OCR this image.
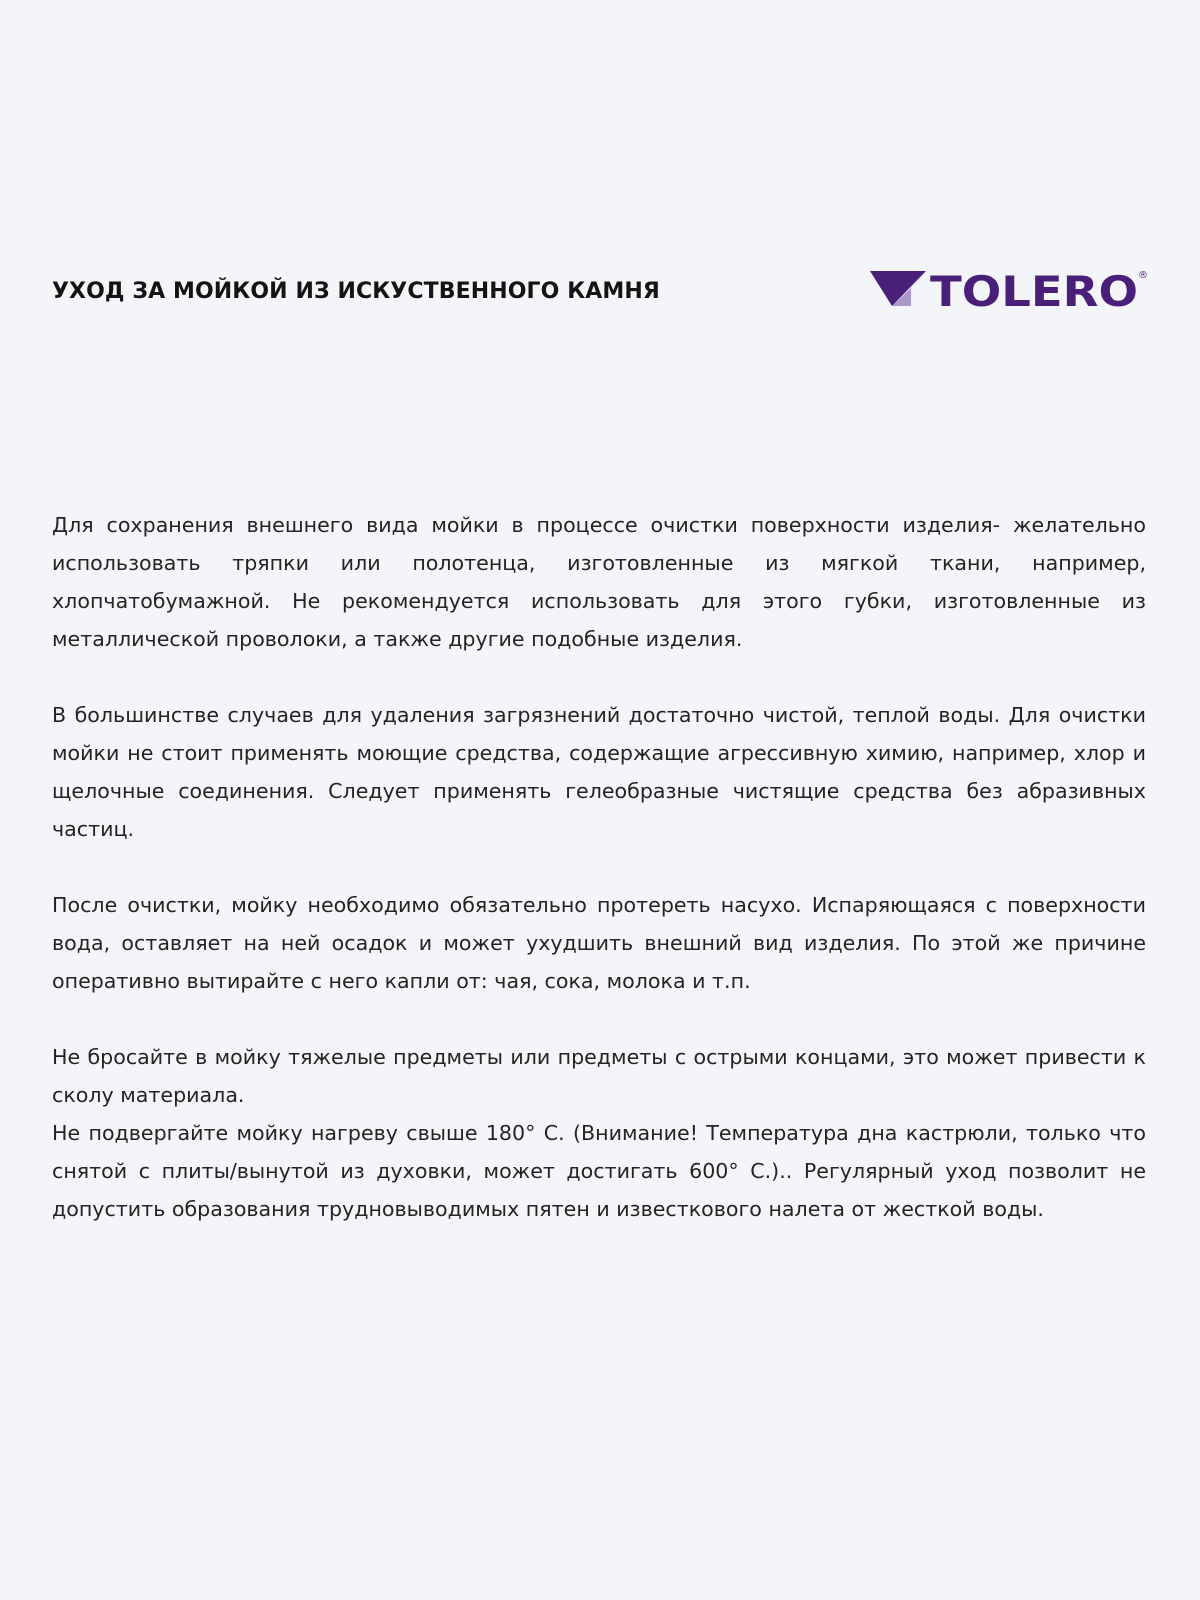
УХОД ЗА МОЙКОЙ ИЗ ИСКУСТВЕННОГО КАМНЯ	TOLERO ®

Для сохранения внешнего вида мойки в процессе очистки поверхности изделия- желательно использовать тряпки или полотенца, изготовленные из мягкой ткани, например, хлопчатобумажной. Не рекомендуется использовать для этого губки, изготовленные из металлической проволоки, а также другие подобные изделия.

В большинстве случаев для удаления загрязнений достаточно чистой, теплой воды. Для очистки мойки не стоит применять моющие средства, содержащие агрессивную химию, например, хлор и щелочные соединения. Следует применять гелеобразные чистящие средства без абразивных частиц.

После очистки, мойку необходимо обязательно протереть насухо. Испаряющаяся с поверхности вода, оставляет на ней осадок и может ухудшить внешний вид изделия. По этой же причине оперативно вытирайте с него капли от: чая, сока, молока и т.п.

Не бросайте в мойку тяжелые предметы или предметы с острыми концами, это может привести к сколу материала.

Не подвергайте мойку нагреву свыше 180° С. (Внимание! Температура дна кастрюли, только что снятой с плиты/вынутой из духовки, может достигать 600° С.).. Регулярный уход позволит не допустить образования трудновыводимых пятен и известкового налета от жесткой воды.
